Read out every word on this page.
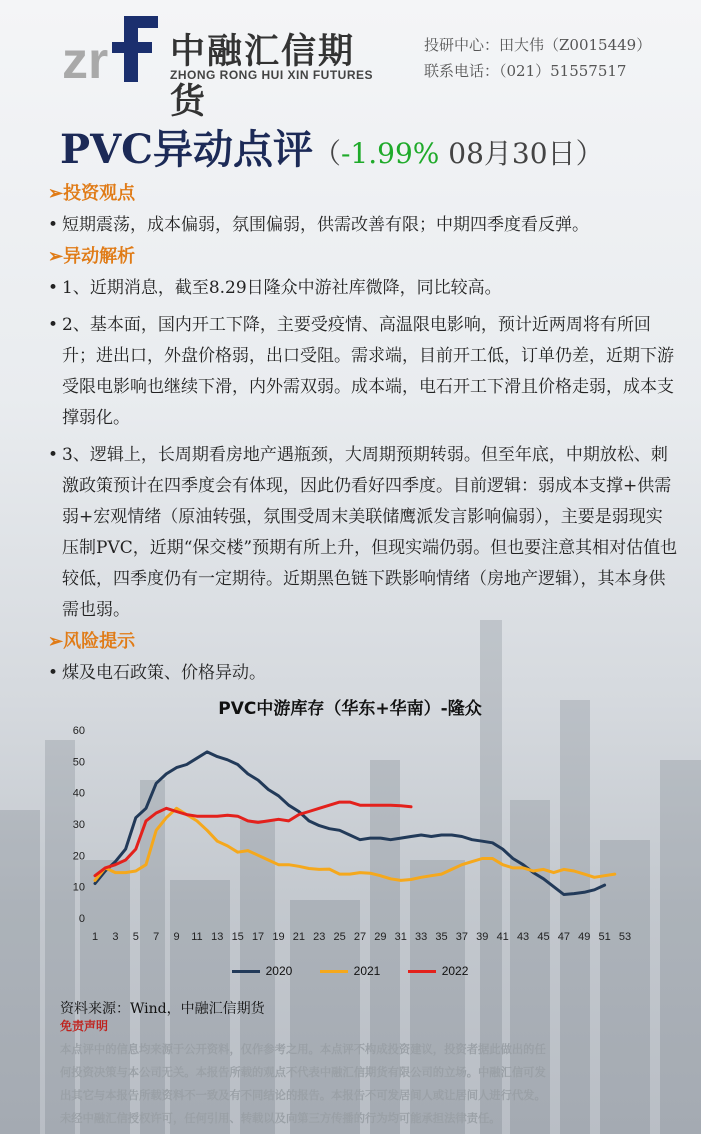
zr 中融汇信期货
ZHONG RONG HUI XIN FUTURES
投研中心：田大伟（Z0015449）
联系电话：（021）51557517
PVC异动点评（-1.99% 08月30日）
➢投资观点
• 短期震荡，成本偏弱，氛围偏弱，供需改善有限；中期四季度看反弹。
➢异动解析
• 1、近期消息，截至8.29日隆众中游社库微降，同比较高。
• 2、基本面，国内开工下降，主要受疫情、高温限电影响，预计近两周将有所回升；进出口，外盘价格弱，出口受阻。需求端，目前开工低，订单仍差，近期下游受限电影响也继续下滑，内外需双弱。成本端，电石开工下滑且价格走弱，成本支撑弱化。
• 3、逻辑上，长周期看房地产遇瓶颈，大周期预期转弱。但至年底，中期放松、刺激政策预计在四季度会有体现，因此仍看好四季度。目前逻辑：弱成本支撑+供需弱+宏观情绪（原油转强，氛围受周末美联储鹰派发言影响偏弱），主要是弱现实压制PVC，近期“保交楼”预期有所上升，但现实端仍弱。但也要注意其相对估值也较低，四季度仍有一定期待。近期黑色链下跌影响情绪（房地产逻辑），其本身供需也弱。
➢风险提示
• 煤及电石政策、价格异动。
PVC中游库存（华东+华南）-隆众
0
10
20
30
40
50
60
1 3 5 7 9 11 13 15 17 19 21 23 25 27 29 31 33 35 37 39 41 43 45 47 49 51 53
2020	2021	2022
资料来源：Wind，中融汇信期货
免责声明
本点评中的信息均来源于公开资料，仅作参考之用。本点评不构成投资建议，投资者据此做出的任
何投资决策与本公司无关。本报告所载的观点不代表中融汇信期货有限公司的立场。中融汇信可发
出其它与本报告所载资料不一致及有不同结论的报告。本报告不可发居间人或让居间人进行代发。
未经中融汇信授权许可，任何引用、转载以及向第三方传播的行为均可能承担法律责任。
